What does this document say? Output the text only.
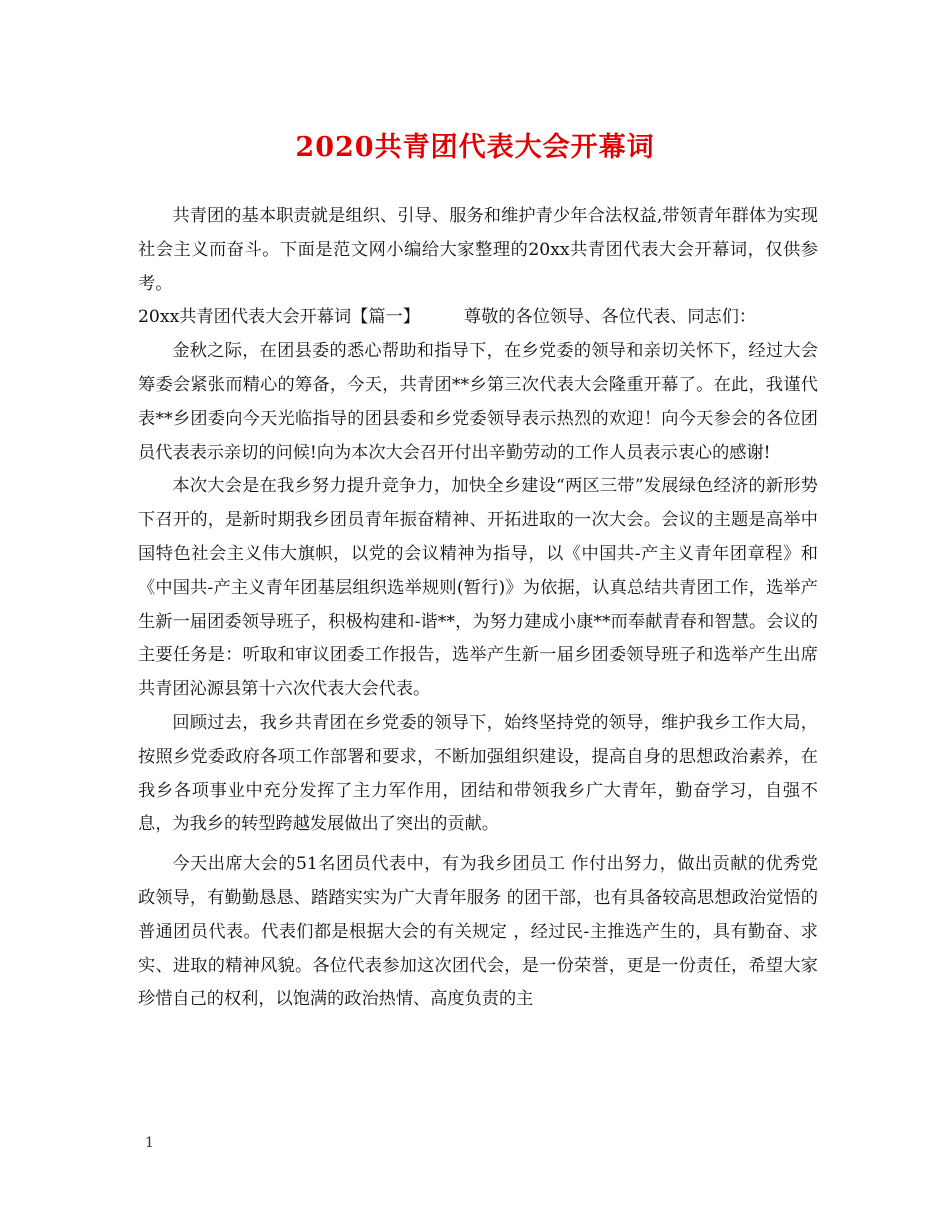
2020共青团代表大会开幕词

共青团的基本职责就是组织、引导、服务和维护青少年合法权益,带领青年群体为实现社会主义而奋斗。下面是范文网小编给大家整理的20xx共青团代表大会开幕词，仅供参考。

20xx共青团代表大会开幕词【篇一】	尊敬的各位领导、各位代表、同志们：

金秋之际，在团县委的悉心帮助和指导下，在乡党委的领导和亲切关怀下，经过大会筹委会紧张而精心的筹备，今天，共青团**乡第三次代表大会隆重开幕了。在此，我谨代表**乡团委向今天光临指导的团县委和乡党委领导表示热烈的欢迎！向今天参会的各位团员代表表示亲切的问候!向为本次大会召开付出辛勤劳动的工作人员表示衷心的感谢!

本次大会是在我乡努力提升竞争力，加快全乡建设“两区三带”发展绿色经济的新形势下召开的，是新时期我乡团员青年振奋精神、开拓进取的一次大会。会议的主题是高举中国特色社会主义伟大旗帜，以党的会议精神为指导，以《中国共-产主义青年团章程》和《中国共-产主义青年团基层组织选举规则(暂行)》为依据，认真总结共青团工作，选举产生新一届团委领导班子，积极构建和-谐**，为努力建成小康**而奉献青春和智慧。会议的主要任务是：听取和审议团委工作报告，选举产生新一届乡团委领导班子和选举产生出席共青团沁源县第十六次代表大会代表。

回顾过去，我乡共青团在乡党委的领导下，始终坚持党的领导，维护我乡工作大局，按照乡党委政府各项工作部署和要求，不断加强组织建设，提高自身的思想政治素养，在我乡各项事业中充分发挥了主力军作用，团结和带领我乡广大青年，勤奋学习，自强不息，为我乡的转型跨越发展做出了突出的贡献。

今天出席大会的51名团员代表中，有为我乡团员工 作付出努力，做出贡献的优秀党政领导，有勤勤恳恳、踏踏实实为广大青年服务 的团干部，也有具备较高思想政治觉悟的普通团员代表。代表们都是根据大会的有关规定 ，经过民-主推选产生的，具有勤奋、求实、进取的精神风貌。各位代表参加这次团代会，是一份荣誉，更是一份责任，希望大家珍惜自己的权利，以饱满的政治热情、高度负责的主

1
